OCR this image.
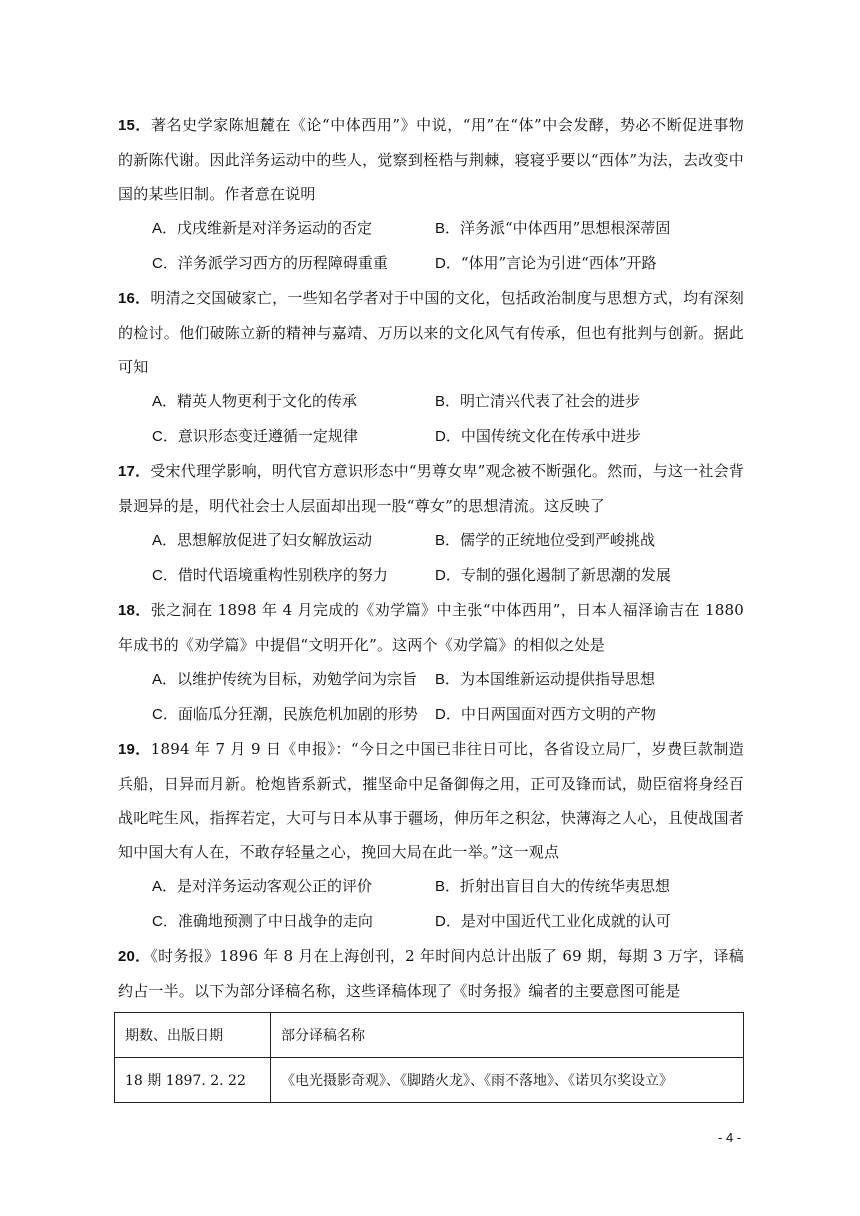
15．著名史学家陈旭麓在《论“中体西用”》中说，“用”在“体”中会发酵，势必不断促进事物的新陈代谢。因此洋务运动中的些人，觉察到桎梏与荆棘，寝寝乎要以“西体”为法，去改变中国的某些旧制。作者意在说明

A．戊戌维新是对洋务运动的否定	B．洋务派“中体西用”思想根深蒂固
C．洋务派学习西方的历程障碍重重	D．“体用”言论为引进“西体”开路

16．明清之交国破家亡，一些知名学者对于中国的文化，包括政治制度与思想方式，均有深刻的检讨。他们破陈立新的精神与嘉靖、万历以来的文化风气有传承，但也有批判与创新。据此可知

A．精英人物更利于文化的传承	B．明亡清兴代表了社会的进步
C．意识形态变迁遵循一定规律	D．中国传统文化在传承中进步

17．受宋代理学影响，明代官方意识形态中“男尊女卑”观念被不断强化。然而，与这一社会背景迥异的是，明代社会士人层面却出现一股“尊女”的思想清流。这反映了

A．思想解放促进了妇女解放运动	B．儒学的正统地位受到严峻挑战
C．借时代语境重构性别秩序的努力	D．专制的强化遏制了新思潮的发展

18．张之洞在 1898 年 4 月完成的《劝学篇》中主张“中体西用”，日本人福泽谕吉在 1880 年成书的《劝学篇》中提倡“文明开化”。这两个《劝学篇》的相似之处是

A．以维护传统为目标，劝勉学问为宗旨	B．为本国维新运动提供指导思想
C．面临瓜分狂潮，民族危机加剧的形势	D．中日两国面对西方文明的产物

19．1894 年 7 月 9 日《申报》：“今日之中国已非往日可比，各省设立局厂，岁费巨款制造兵船，日异而月新。枪炮皆系新式，摧坚命中足备御侮之用，正可及锋而试，勋臣宿将身经百战叱咤生风，指挥若定，大可与日本从事于疆场，伸历年之积忿，快薄海之人心，且使战国者知中国大有人在，不敢存轻量之心，挽回大局在此一举。”这一观点

A．是对洋务运动客观公正的评价	B．折射出盲目自大的传统华夷思想
C．准确地预测了中日战争的走向	D．是对中国近代工业化成就的认可

20．《时务报》1896 年 8 月在上海创刊，2 年时间内总计出版了 69 期，每期 3 万字，译稿约占一半。以下为部分译稿名称，这些译稿体现了《时务报》编者的主要意图可能是

期数、出版日期	部分译稿名称
18 期 1897. 2. 22	《电光摄影奇观》、《脚踏火龙》、《雨不落地》、《诺贝尔奖设立》
- 4 -
